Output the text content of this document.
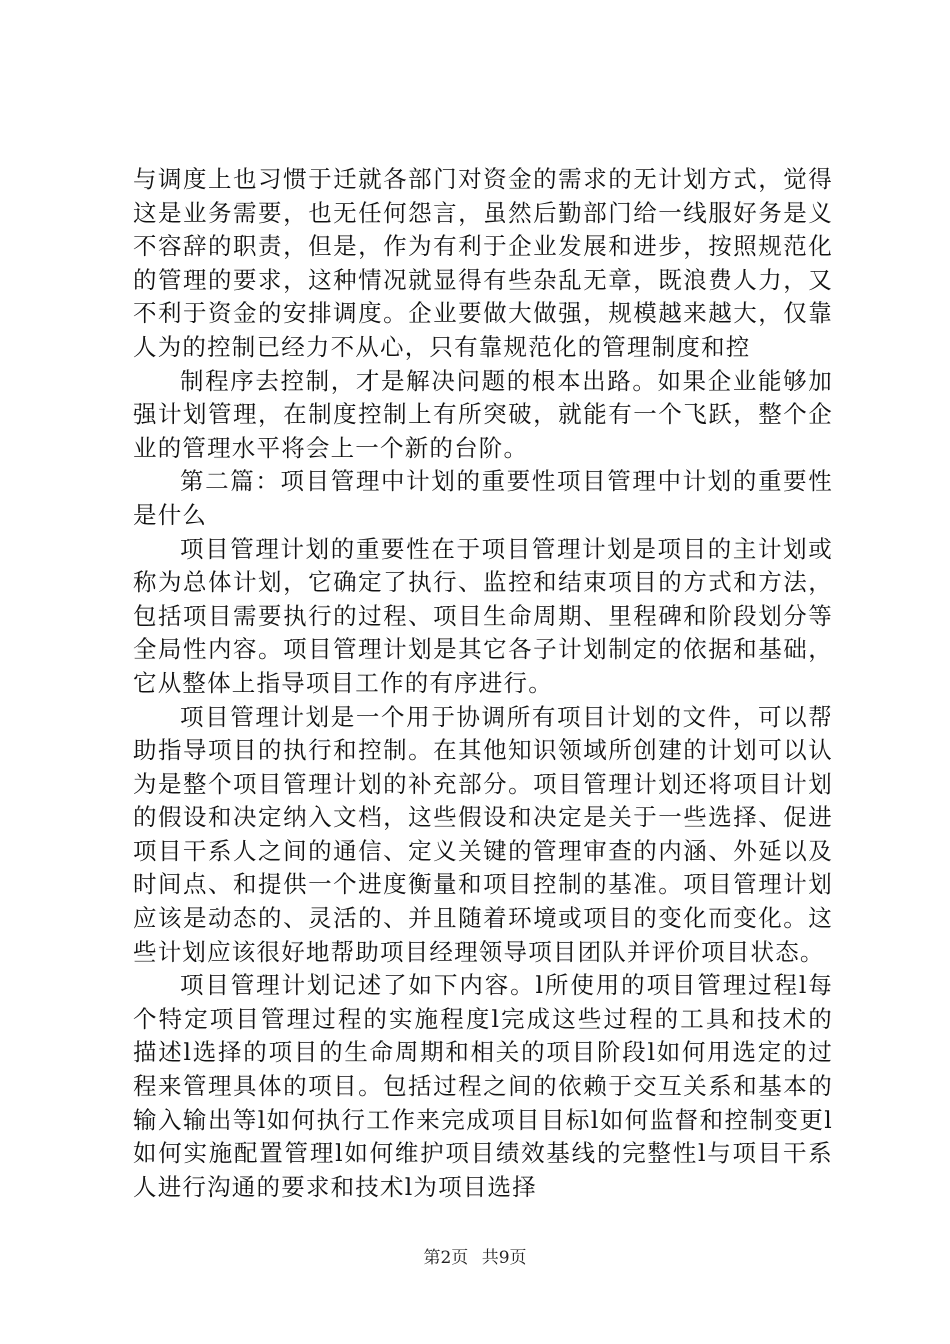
与调度上也习惯于迁就各部门对资金的需求的无计划方式，觉得这是业务需要，也无任何怨言，虽然后勤部门给一线服好务是义不容辞的职责，但是，作为有利于企业发展和进步，按照规范化的管理的要求，这种情况就显得有些杂乱无章，既浪费人力，又不利于资金的安排调度。企业要做大做强，规模越来越大，仅靠人为的控制已经力不从心，只有靠规范化的管理制度和控

制程序去控制，才是解决问题的根本出路。如果企业能够加强计划管理，在制度控制上有所突破，就能有一个飞跃，整个企业的管理水平将会上一个新的台阶。

第二篇：项目管理中计划的重要性项目管理中计划的重要性是什么

项目管理计划的重要性在于项目管理计划是项目的主计划或称为总体计划，它确定了执行、监控和结束项目的方式和方法，包括项目需要执行的过程、项目生命周期、里程碑和阶段划分等全局性内容。项目管理计划是其它各子计划制定的依据和基础，它从整体上指导项目工作的有序进行。

项目管理计划是一个用于协调所有项目计划的文件，可以帮助指导项目的执行和控制。在其他知识领域所创建的计划可以认为是整个项目管理计划的补充部分。项目管理计划还将项目计划的假设和决定纳入文档，这些假设和决定是关于一些选择、促进项目干系人之间的通信、定义关键的管理审查的内涵、外延以及时间点、和提供一个进度衡量和项目控制的基准。项目管理计划应该是动态的、灵活的、并且随着环境或项目的变化而变化。这些计划应该很好地帮助项目经理领导项目团队并评价项目状态。

项目管理计划记述了如下内容。l所使用的项目管理过程l每个特定项目管理过程的实施程度l完成这些过程的工具和技术的描述l选择的项目的生命周期和相关的项目阶段l如何用选定的过程来管理具体的项目。包括过程之间的依赖于交互关系和基本的输入输出等l如何执行工作来完成项目目标l如何监督和控制变更l如何实施配置管理l如何维护项目绩效基线的完整性l与项目干系人进行沟通的要求和技术l为项目选择

第2页 共9页
